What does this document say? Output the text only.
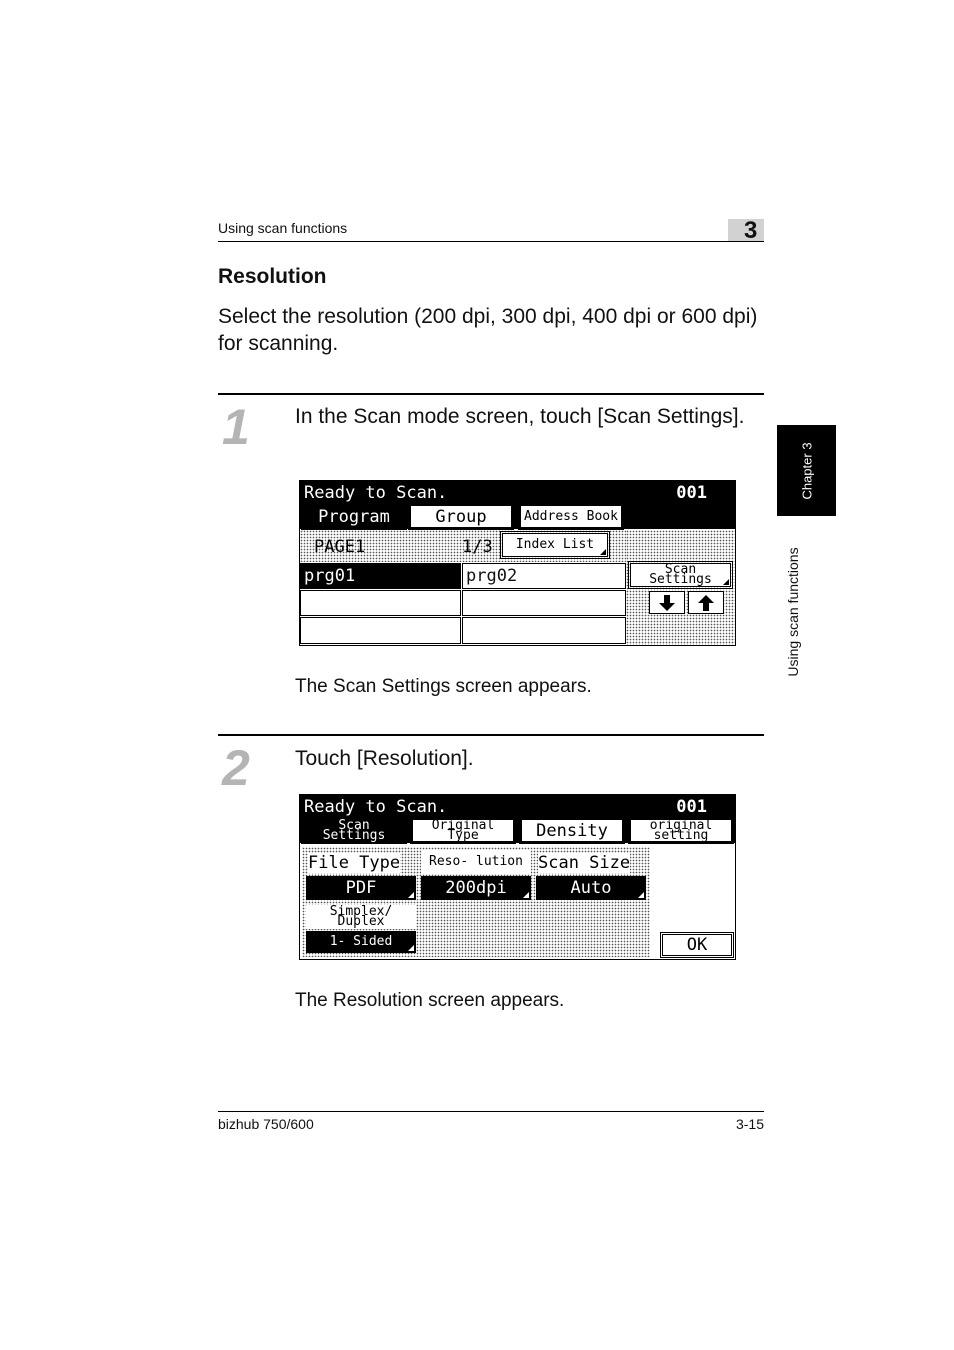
Using scan functions	3
Chapter 3
Using scan functions
Resolution
Select the resolution (200 dpi, 300 dpi, 400 dpi or 600 dpi) for scanning.
1 In the Scan mode screen, touch [Scan Settings].
Ready to Scan.	001
Program	Group	Address Book
PAGE1	1/3	Index List
Scan Settings
prg01	prg02
The Scan Settings screen appears.
2 Touch [Resolution].
Ready to Scan.	001
Scan Settings
Original Type	Density	original setting
File Type
PDF
Reso- lution
200dpi
Scan Size
Auto
Simplex/ Duplex
1- Sided	OK
The Resolution screen appears.
bizhub 750/600	3-15
